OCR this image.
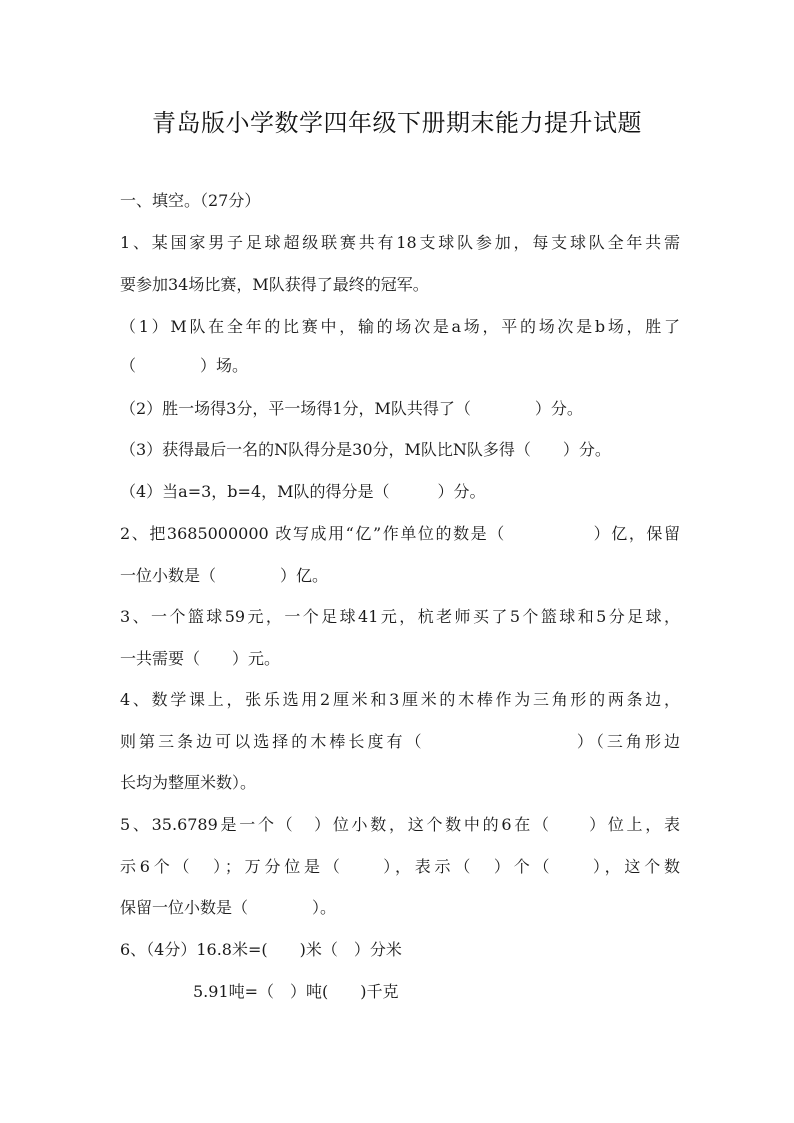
青岛版小学数学四年级下册期末能力提升试题
一、填空。（27分）
1、某国家男子足球超级联赛共有18支球队参加，每支球队全年共需
要参加34场比赛，M队获得了最终的冠军。
（1）M队在全年的比赛中，输的场次是a场，平的场次是b场，胜了
（　　　　）场。
（2）胜一场得3分，平一场得1分，M队共得了（　　　　）分。
（3）获得最后一名的N队得分是30分，M队比N队多得（　　）分。
（4）当a=3，b=4，M队的得分是（　　　）分。
2、把3685000000 改写成用“亿”作单位的数是（　　　　　）亿，保留
一位小数是（　　　　）亿。
3、一个篮球59元，一个足球41元，杭老师买了5个篮球和5分足球，
一共需要（　　）元。
4、数学课上，张乐选用2厘米和3厘米的木棒作为三角形的两条边，
则第三条边可以选择的木棒长度有（　　　　　　　　）（三角形边
长均为整厘米数）。
5、35.6789是一个（　）位小数，这个数中的6在（　　）位上，表
示6个（　）；万分位是（　　），表示（　）个（　　），这个数
保留一位小数是（　　　　）。
6、（4分）16.8米=(　　)米（　）分米
5.91吨=（　）吨(　　)千克
